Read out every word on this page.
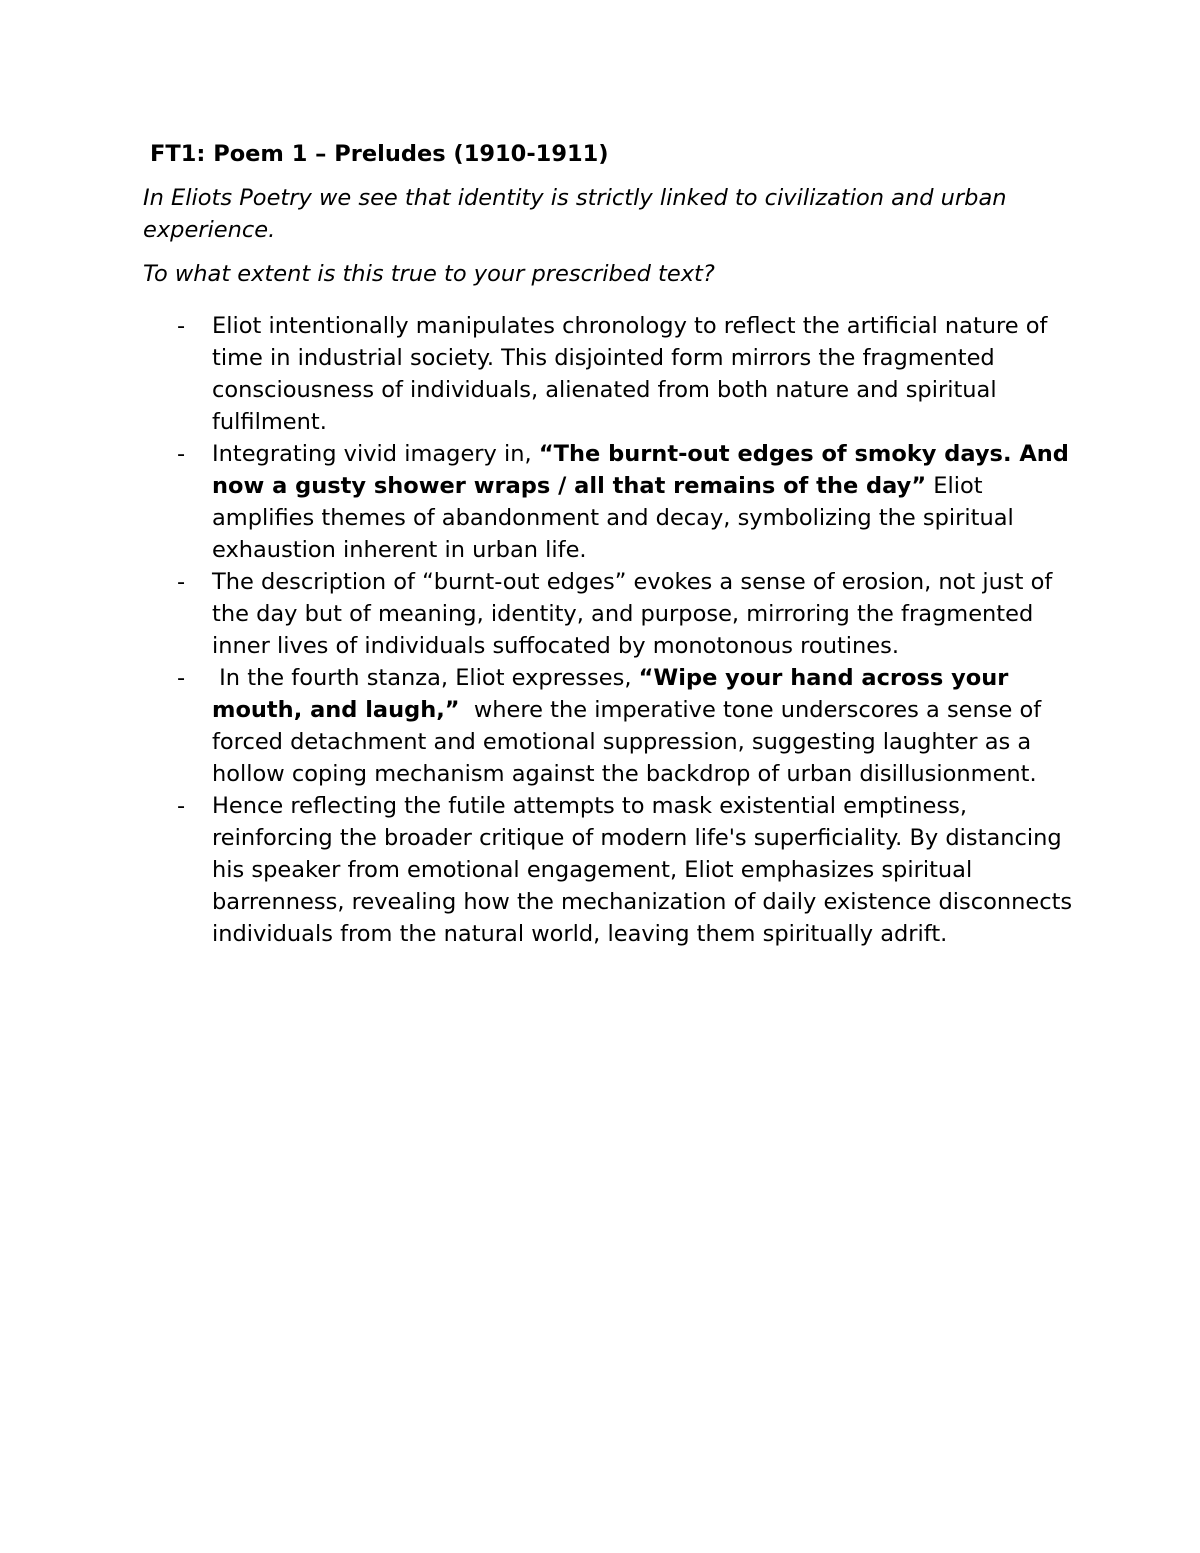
FT1: Poem 1 – Preludes (1910-1911)

In Eliots Poetry we see that identity is strictly linked to civilization and urban experience.

To what extent is this true to your prescribed text?

- Eliot intentionally manipulates chronology to reflect the artificial nature of time in industrial society. This disjointed form mirrors the fragmented consciousness of individuals, alienated from both nature and spiritual fulfilment.
- Integrating vivid imagery in, “The burnt-out edges of smoky days. And now a gusty shower wraps / all that remains of the day” Eliot amplifies themes of abandonment and decay, symbolizing the spiritual exhaustion inherent in urban life.
- The description of “burnt-out edges” evokes a sense of erosion, not just of the day but of meaning, identity, and purpose, mirroring the fragmented inner lives of individuals suffocated by monotonous routines.
- In the fourth stanza, Eliot expresses, “Wipe your hand across your mouth, and laugh,”  where the imperative tone underscores a sense of forced detachment and emotional suppression, suggesting laughter as a hollow coping mechanism against the backdrop of urban disillusionment.
- Hence reflecting the futile attempts to mask existential emptiness, reinforcing the broader critique of modern life's superficiality. By distancing his speaker from emotional engagement, Eliot emphasizes spiritual barrenness, revealing how the mechanization of daily existence disconnects individuals from the natural world, leaving them spiritually adrift.
